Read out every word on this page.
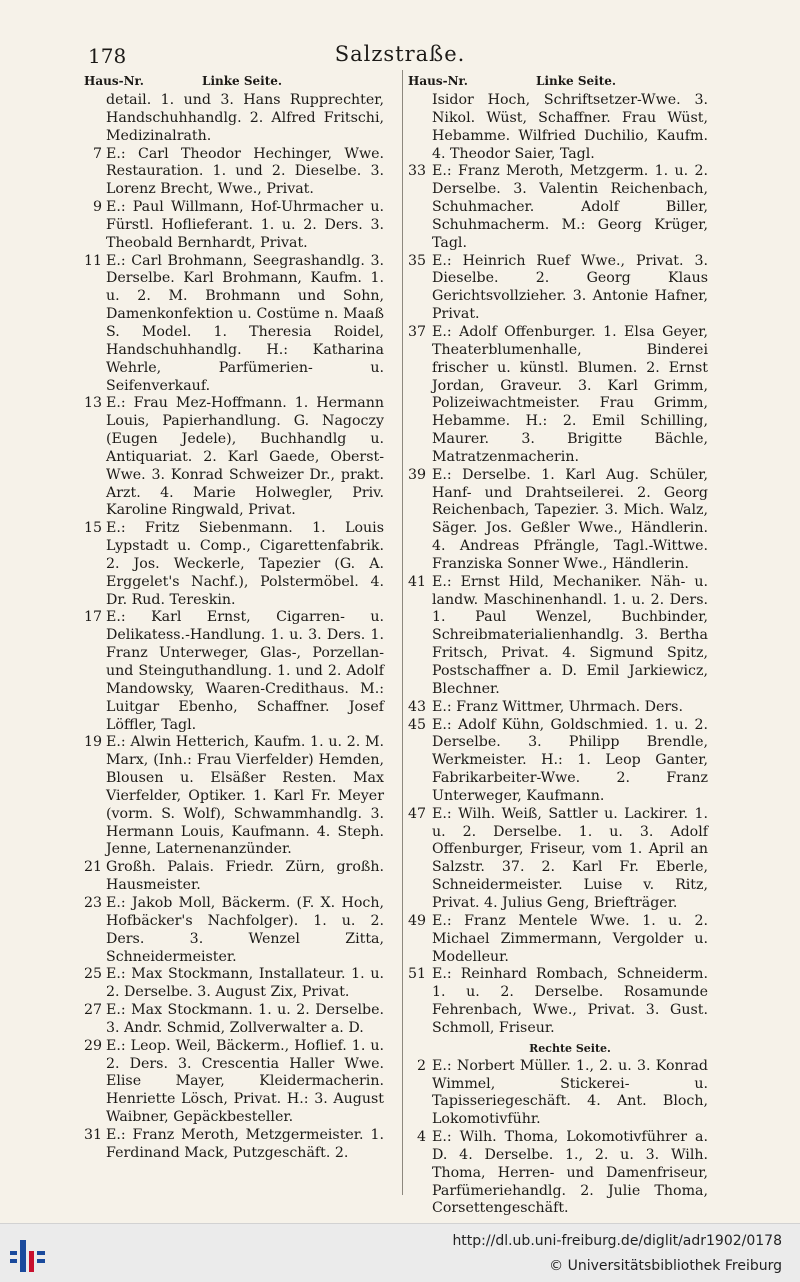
178	Salzstraße.
Haus-Nr.	Linke Seite.
detail. 1. und 3. Hans Rupprechter, Handschuhhandlg. 2. Alfred Fritschi, Medizinalrath.
7 E.: Carl Theodor Hechinger, Wwe. Restauration. 1. und 2. Dieselbe. 3. Lorenz Brecht, Wwe., Privat.
9 E.: Paul Willmann, Hof-Uhrmacher u. Fürstl. Hoflieferant. 1. u. 2. Ders. 3. Theobald Bernhardt, Privat.
11 E.: Carl Brohmann, Seegrashandlg. 3. Derselbe. Karl Brohmann, Kaufm. 1. u. 2. M. Brohmann und Sohn, Damenkonfektion u. Costüme n. Maaß S. Model. 1. Theresia Roidel, Handschuhhandlg. H.: Katharina Wehrle, Parfümerien- u. Seifenverkauf.
13 E.: Frau Mez-Hoffmann. 1. Hermann Louis, Papierhandlung. G. Nagoczy (Eugen Jedele), Buchhandlg u. Antiquariat. 2. Karl Gaede, Oberst-Wwe. 3. Konrad Schweizer Dr., prakt. Arzt. 4. Marie Holwegler, Priv. Karoline Ringwald, Privat.
15 E.: Fritz Siebenmann. 1. Louis Lypstadt u. Comp., Cigarettenfabrik. 2. Jos. Weckerle, Tapezier (G. A. Erggelet's Nachf.), Polstermöbel. 4. Dr. Rud. Tereskin.
17 E.: Karl Ernst, Cigarren- u. Delikatess.-Handlung. 1. u. 3. Ders. 1. Franz Unterweger, Glas-, Porzellan- und Steinguthandlung. 1. und 2. Adolf Mandowsky, Waaren-Credithaus. M.: Luitgar Ebenho, Schaffner. Josef Löffler, Tagl.
19 E.: Alwin Hetterich, Kaufm. 1. u. 2. M. Marx, (Inh.: Frau Vierfelder) Hemden, Blousen u. Elsäßer Resten. Max Vierfelder, Optiker. 1. Karl Fr. Meyer (vorm. S. Wolf), Schwammhandlg. 3. Hermann Louis, Kaufmann. 4. Steph. Jenne, Laternenanzünder.
21 Großh. Palais. Friedr. Zürn, großh. Hausmeister.
23 E.: Jakob Moll, Bäckerm. (F. X. Hoch, Hofbäcker's Nachfolger). 1. u. 2. Ders. 3. Wenzel Zitta, Schneidermeister.
25 E.: Max Stockmann, Installateur. 1. u. 2. Derselbe. 3. August Zix, Privat.
27 E.: Max Stockmann. 1. u. 2. Derselbe. 3. Andr. Schmid, Zollverwalter a. D.
29 E.: Leop. Weil, Bäckerm., Hoflief. 1. u. 2. Ders. 3. Crescentia Haller Wwe. Elise Mayer, Kleidermacherin. Henriette Lösch, Privat. H.: 3. August Waibner, Gepäckbesteller.
31 E.: Franz Meroth, Metzgermeister. 1. Ferdinand Mack, Putzgeschäft. 2.
Haus-Nr.	Linke Seite.
Isidor Hoch, Schriftsetzer-Wwe. 3. Nikol. Wüst, Schaffner. Frau Wüst, Hebamme. Wilfried Duchilio, Kaufm. 4. Theodor Saier, Tagl.
33 E.: Franz Meroth, Metzgerm. 1. u. 2. Derselbe. 3. Valentin Reichenbach, Schuhmacher. Adolf Biller, Schuhmacherm. M.: Georg Krüger, Tagl.
35 E.: Heinrich Ruef Wwe., Privat. 3. Dieselbe. 2. Georg Klaus Gerichtsvollzieher. 3. Antonie Hafner, Privat.
37 E.: Adolf Offenburger. 1. Elsa Geyer, Theaterblumenhalle, Binderei frischer u. künstl. Blumen. 2. Ernst Jordan, Graveur. 3. Karl Grimm, Polizeiwachtmeister. Frau Grimm, Hebamme. H.: 2. Emil Schilling, Maurer. 3. Brigitte Bächle, Matratzenmacherin.
39 E.: Derselbe. 1. Karl Aug. Schüler, Hanf- und Drahtseilerei. 2. Georg Reichenbach, Tapezier. 3. Mich. Walz, Säger. Jos. Geßler Wwe., Händlerin. 4. Andreas Pfrängle, Tagl.-Wittwe. Franziska Sonner Wwe., Händlerin.
41 E.: Ernst Hild, Mechaniker. Näh- u. landw. Maschinenhandl. 1. u. 2. Ders. 1. Paul Wenzel, Buchbinder, Schreibmaterialienhandlg. 3. Bertha Fritsch, Privat. 4. Sigmund Spitz, Postschaffner a. D. Emil Jarkiewicz, Blechner.
43 E.: Franz Wittmer, Uhrmach. Ders.
45 E.: Adolf Kühn, Goldschmied. 1. u. 2. Derselbe. 3. Philipp Brendle, Werkmeister. H.: 1. Leop Ganter, Fabrikarbeiter-Wwe. 2. Franz Unterweger, Kaufmann.
47 E.: Wilh. Weiß, Sattler u. Lackirer. 1. u. 2. Derselbe. 1. u. 3. Adolf Offenburger, Friseur, vom 1. April an Salzstr. 37. 2. Karl Fr. Eberle, Schneidermeister. Luise v. Ritz, Privat. 4. Julius Geng, Briefträger.
49 E.: Franz Mentele Wwe. 1. u. 2. Michael Zimmermann, Vergolder u. Modelleur.
51 E.: Reinhard Rombach, Schneiderm. 1. u. 2. Derselbe. Rosamunde Fehrenbach, Wwe., Privat. 3. Gust. Schmoll, Friseur.
Rechte Seite.
2 E.: Norbert Müller. 1., 2. u. 3. Konrad Wimmel, Stickerei- u. Tapisseriegeschäft. 4. Ant. Bloch, Lokomotivführ.
4 E.: Wilh. Thoma, Lokomotivführer a. D. 4. Derselbe. 1., 2. u. 3. Wilh. Thoma, Herren- und Damenfriseur, Parfümeriehandlg. 2. Julie Thoma, Corsettengeschäft.
http://dl.ub.uni-freiburg.de/diglit/adr1902/0178
© Universitätsbibliothek Freiburg
